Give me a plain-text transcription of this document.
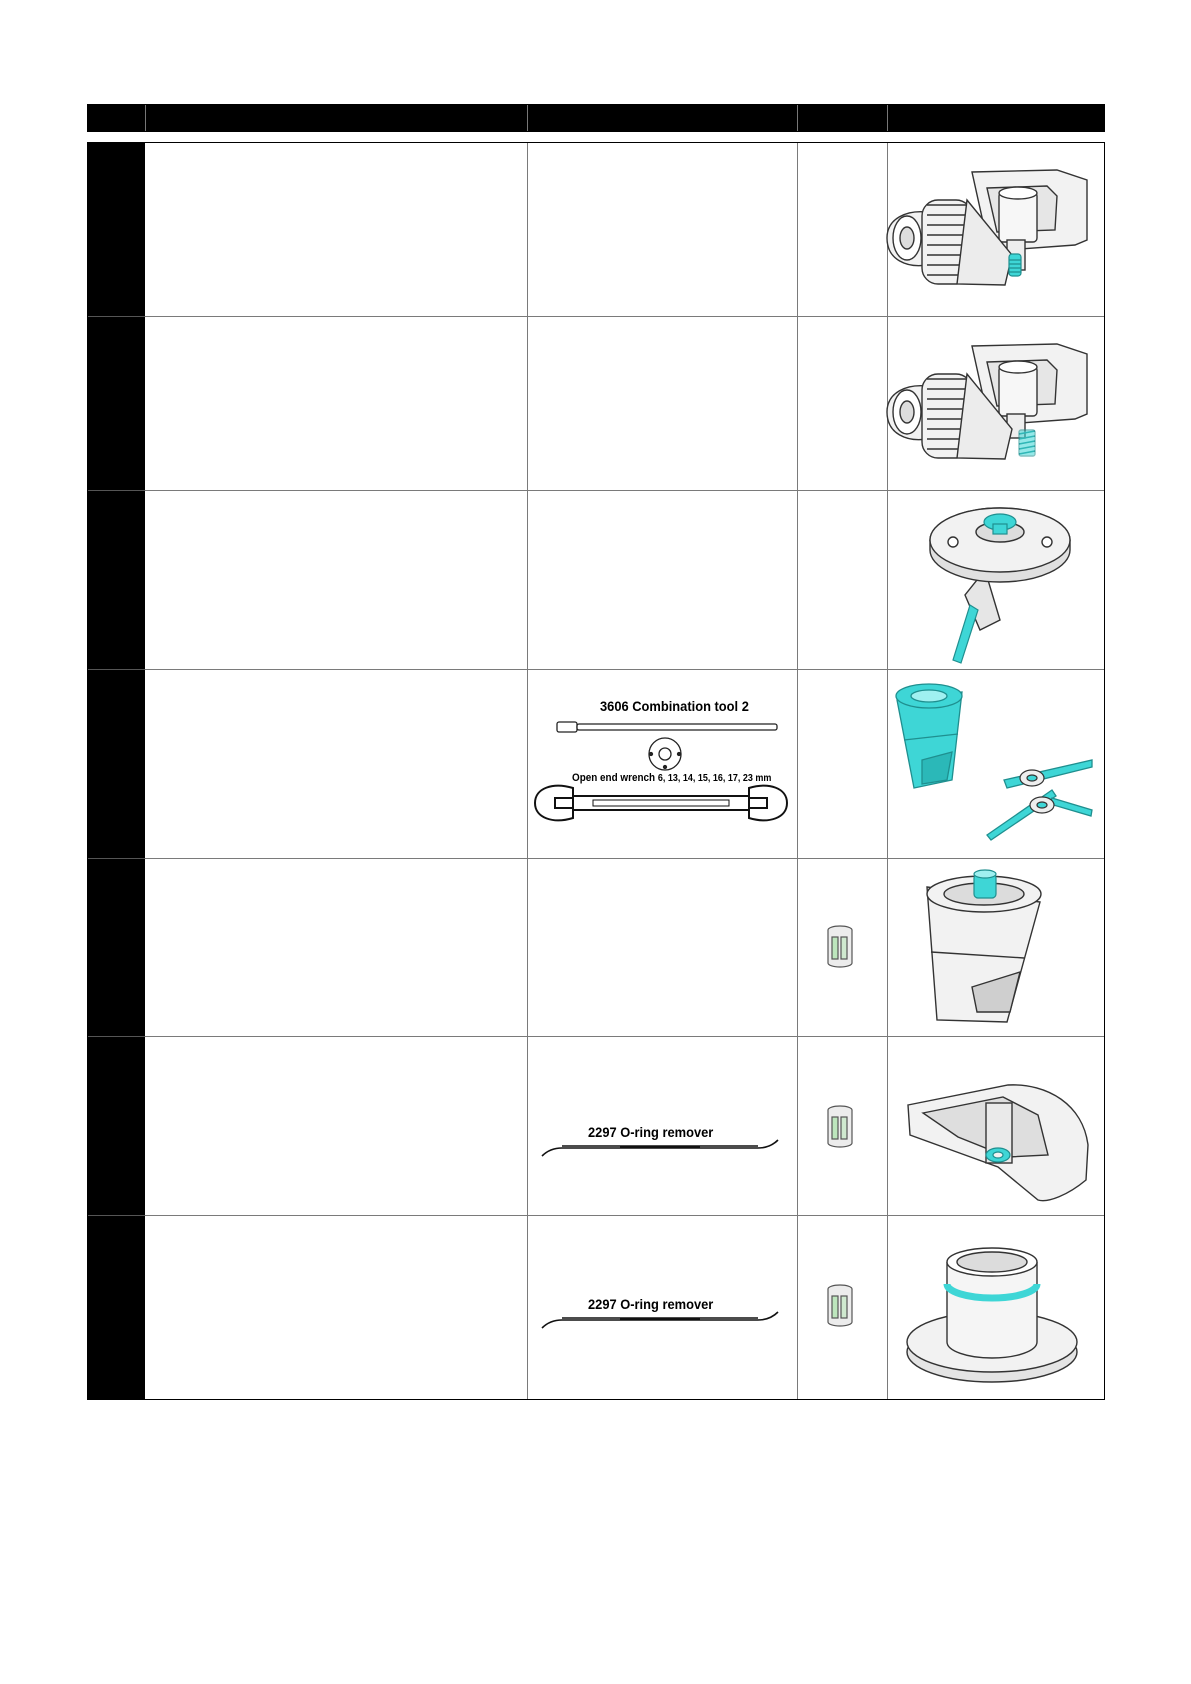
3606 Combination tool 2
Open end wrench 6, 13, 14, 15, 16, 17, 23 mm
2297 O-ring remover
2297 O-ring remover
